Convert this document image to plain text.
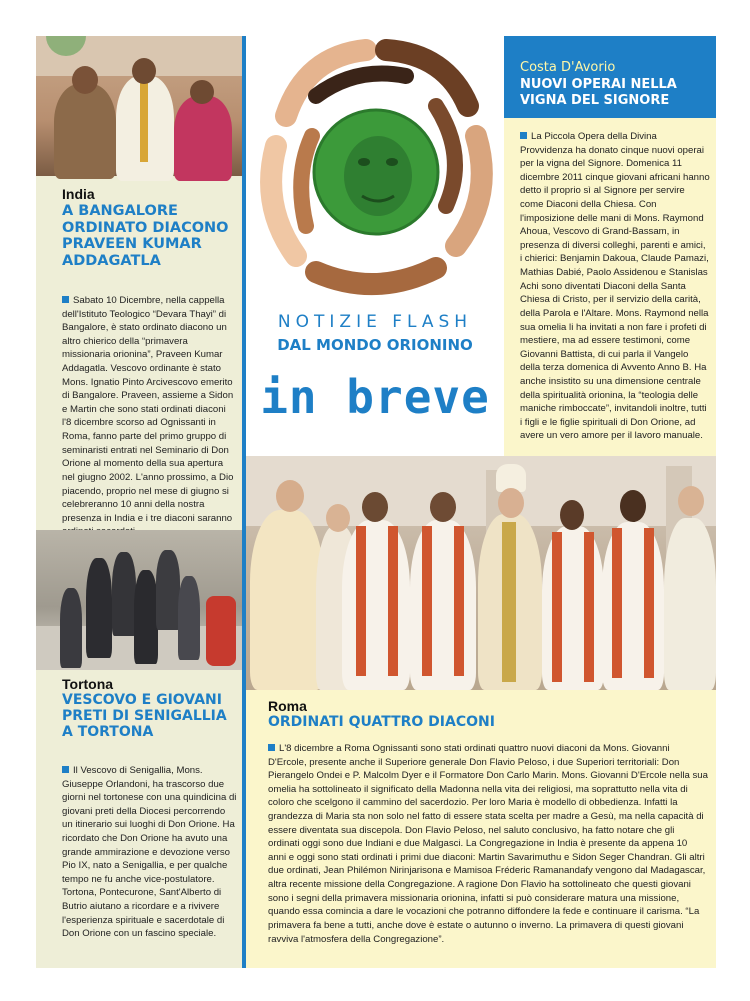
India
A BANGALORE
ORDINATO DIACONO
PRAVEEN KUMAR
ADDAGATLA
Sabato 10 Dicembre, nella cappella dell'Istituto Teologico “Devara Thayi” di Bangalore, è stato ordinato diacono un altro chierico della “primavera missionaria orionina”, Praveen Kumar Addagatla. Vescovo ordinante è stato Mons. Ignatio Pinto Arcivescovo emerito di Bangalore. Praveen, assieme a Sidon e Martin che sono stati ordinati diaconi l'8 dicembre scorso ad Ognissanti in Roma, fanno parte del primo gruppo di seminaristi entrati nel Seminario di Don Orione al momento della sua apertura nel giugno 2002. L'anno prossimo, a Dio piacendo, proprio nel mese di giugno si celebreranno 10 anni della nostra presenza in India e i tre diaconi saranno
Tortona
VESCOVO E GIOVANI
PRETI DI SENIGALLIA
A TORTONA
Il Vescovo di Senigallia, Mons. Giuseppe Orlandoni, ha trascorso due giorni nel tortonese con una quindicina di giovani preti della Diocesi percorrendo un itinerario sui luoghi di Don Orione. Ha ricordato che Don Orione ha avuto una grande ammirazione e devozione verso Pio IX, nato a Senigallia, e per qualche tempo ne fu anche vice-postulatore. Tortona, Pontecurone, Sant'Alberto di Butrio aiutano a ricordare e a rivivere l'esperienza spirituale e sacerdotale di Don Orione con un fascino speciale.
NOTIZIE FLASH
DAL MONDO ORIONINO
in breve
Costa D'Avorio
NUOVI OPERAI NELLA
VIGNA DEL SIGNORE
La Piccola Opera della Divina Provvidenza ha donato cinque nuovi operai per la vigna del Signore. Domenica 11 dicembre 2011 cinque giovani africani hanno detto il proprio sì al Signore per servire come Diaconi della Chiesa. Con l'imposizione delle mani di Mons. Raymond Ahoua, Vescovo di Grand-Bassam, in presenza di diversi colleghi, parenti e amici, i chierici: Benjamin Dakoua, Claude Pamazi, Mathias Dabié, Paolo Assidenou e Stanislas Achi sono diventati Diaconi della Santa Chiesa di Cristo, per il servizio della carità, della Parola e l'Altare. Mons. Raymond nella sua omelia li ha invitati a non fare i profeti di mestiere, ma ad essere testimoni, come Giovanni Battista, di cui parla il Vangelo della terza domenica di Avvento Anno B. Ha anche insistito su una dimensione centrale della spiritualità orionina, la “teologia delle maniche rimboccate”, invitandoli inoltre, tutti i figli e le figlie spirituali di Don Orione, ad avere un vero amore per il lavoro manuale.
Roma
ORDINATI QUATTRO DIACONI
L'8 dicembre a Roma Ognissanti sono stati ordinati quattro nuovi diaconi da Mons. Giovanni D'Ercole, presente anche il Superiore generale Don Flavio Peloso, i due Superiori territoriali: Don Pierangelo Ondei e P. Malcolm Dyer e il Formatore Don Carlo Marin. Mons. Giovanni D'Ercole nella sua omelia ha sottolineato il significato della Madonna nella vita dei religiosi, ma soprattutto nella vita di coloro che scelgono il cammino del sacerdozio. Per loro Maria è modello di obbedienza. Infatti la grandezza di Maria sta non solo nel fatto di essere stata scelta per madre a Gesù, ma nella capacità di essere diventata sua discepola. Don Flavio Peloso, nel saluto conclusivo, ha fatto notare che gli ordinati oggi sono due Indiani e due Malgasci. La Congregazione in India è presente da appena 10 anni e oggi sono stati ordinati i primi due diaconi: Martin Savarimuthu e Sidon Seger Chandran. Gli altri due ordinati, Jean Philémon Nirinjarisona e Mamisoa Fréderic Ramanandafy vengono dal Madagascar, altra recente missione della Congregazione. A ragione Don Flavio ha sottolineato che questi giovani sono i segni della primavera missionaria orionina, infatti si può considerare matura una missione, quando essa comincia a dare le vocazioni che potranno diffondere la fede e continuare il carisma. “La primavera fa bene a tutti, anche dove è estate o autunno o inverno. La primavera di questi giovani ravviva l'atmosfera della Congregazione”.
